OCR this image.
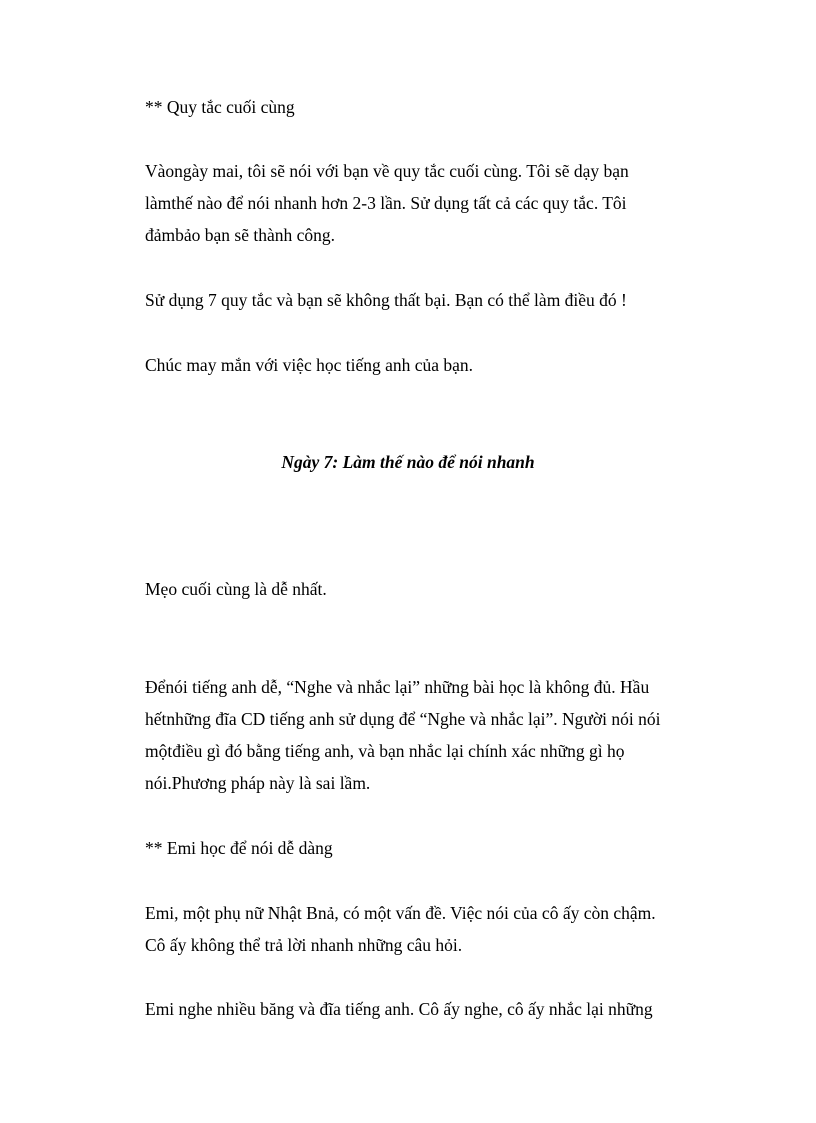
** Quy tắc cuối cùng

Vàongày mai, tôi sẽ nói với bạn về quy tắc cuối cùng. Tôi sẽ dạy bạn

làmthế nào để nói nhanh hơn 2-3 lần. Sử dụng tất cả các quy tắc. Tôi

đảmbảo bạn sẽ thành công.

Sử dụng 7 quy tắc và bạn sẽ không thất bại. Bạn có thể làm điều đó !

Chúc may mắn với việc học tiếng anh của bạn.

Ngày 7: Làm thế nào để nói nhanh

Mẹo cuối cùng là dễ nhất.

Đểnói tiếng anh dễ, “Nghe và nhắc lại” những bài học là không đủ. Hầu

hếtnhững đĩa CD tiếng anh sử dụng để “Nghe và nhắc lại”. Người nói nói

mộtđiều gì đó bằng tiếng anh, và bạn nhắc lại chính xác những gì họ

nói.Phương pháp này là sai lầm.

** Emi học để nói dễ dàng

Emi, một phụ nữ Nhật Bnả, có một vấn đề. Việc nói của cô ấy còn chậm.

Cô ấy không thể trả lời nhanh những câu hỏi.

Emi nghe nhiều băng và đĩa tiếng anh. Cô ấy nghe, cô ấy nhắc lại những
